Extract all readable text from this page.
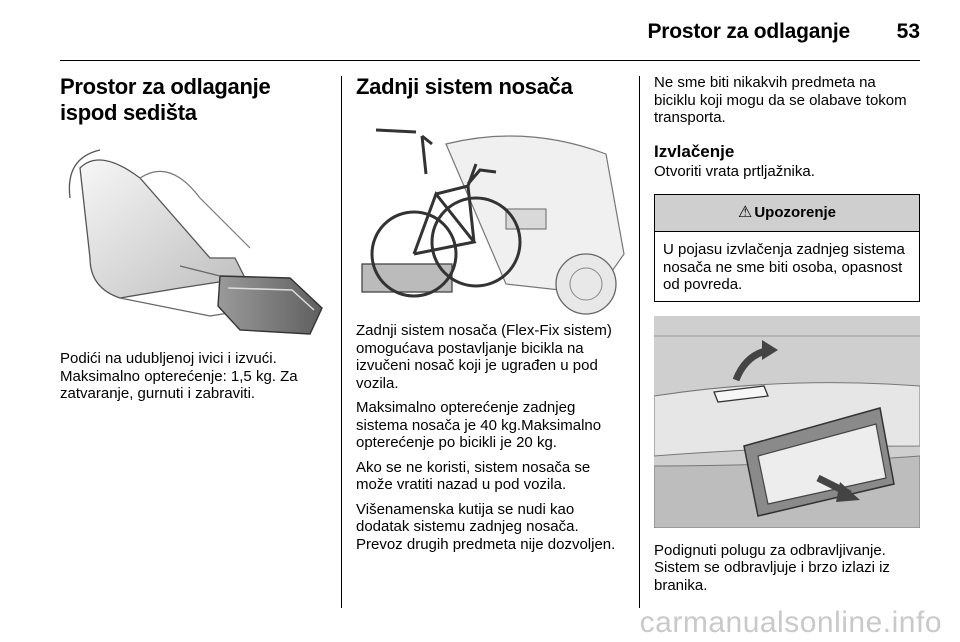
Prostor za odlaganje 53
Prostor za odlaganje ispod sedišta

Podići na udubljenoj ivici i izvući. Maksimalno opterećenje: 1,5 kg. Za zatvaranje, gurnuti i zabraviti.

Zadnji sistem nosača

Zadnji sistem nosača (Flex-Fix sistem) omogućava postavljanje bicikla na izvučeni nosač koji je ugrađen u pod vozila.

Maksimalno opterećenje zadnjeg sistema nosača je 40 kg.Maksimalno opterećenje po bicikli je 20 kg.

Ako se ne koristi, sistem nosača se može vratiti nazad u pod vozila.

Višenamenska kutija se nudi kao dodatak sistemu zadnjeg nosača. Prevoz drugih predmeta nije dozvoljen.

Ne sme biti nikakvih predmeta na biciklu koji mogu da se olabave tokom transporta.

Izvlačenje

Otvoriti vrata prtljažnika.

⚠ Upozorenje

U pojasu izvlačenja zadnjeg sistema nosača ne sme biti osoba, opasnost od povreda.

Podignuti polugu za odbravljivanje. Sistem se odbravljuje i brzo izlazi iz branika.

carmanualsonline.info
